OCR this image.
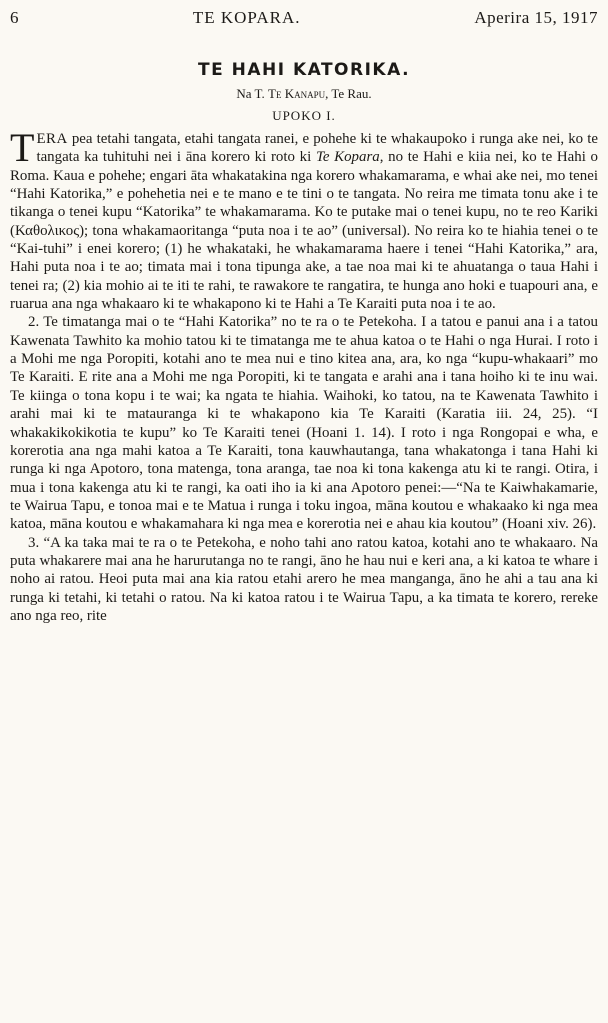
6	TE KOPARA.	Aperira 15, 1917
TE HAHI KATORIKA.
Na T. Te Kanapu, Te Rau.
UPOKO I.

TERA pea tetahi tangata, etahi tangata ranei, e pohehe ki te whakaupoko i runga ake nei, ko te tangata ka tuhituhi nei i āna korero ki roto ki Te Kopara, no te Hahi e kiia nei, ko te Hahi o Roma. Kaua e pohehe; engari āta whakatakina nga korero whakamarama, e whai ake nei, mo tenei “Hahi Katorika,” e pohehetia nei e te mano e te tini o te tangata. No reira me timata tonu ake i te tikanga o tenei kupu “Katorika” te whakamarama. Ko te putake mai o tenei kupu, no te reo Kariki (Καθολικος); tona whakamaoritanga “puta noa i te ao” (universal). No reira ko te hiahia tenei o te “Kai-tuhi” i enei korero; (1) he whakataki, he whakamarama haere i tenei “Hahi Katorika,” ara, Hahi puta noa i te ao; timata mai i tona tipunga ake, a tae noa mai ki te ahuatanga o taua Hahi i tenei ra; (2) kia mohio ai te iti te rahi, te rawakore te rangatira, te hunga ano hoki e tuapouri ana, e ruarua ana nga whakaaro ki te whakapono ki te Hahi a Te Karaiti puta noa i te ao.

2. Te timatanga mai o te “Hahi Katorika” no te ra o te Petekoha. I a tatou e panui ana i a tatou Kawenata Tawhito ka mohio tatou ki te timatanga me te ahua katoa o te Hahi o nga Hurai. I roto i a Mohi me nga Poropiti, kotahi ano te mea nui e tino kitea ana, ara, ko nga “kupu-whakaari” mo Te Karaiti. E rite ana a Mohi me nga Poropiti, ki te tangata e arahi ana i tana hoiho ki te inu wai. Te kiinga o tona kopu i te wai; ka ngata te hiahia. Waihoki, ko tatou, na te Kawenata Tawhito i arahi mai ki te matauranga ki te whakapono kia Te Karaiti (Karatia iii. 24, 25). “I whakakikokikotia te kupu” ko Te Karaiti tenei (Hoani 1. 14). I roto i nga Rongopai e wha, e korerotia ana nga mahi katoa a Te Karaiti, tona kauwhautanga, tana whakatonga i tana Hahi ki runga ki nga Apotoro, tona matenga, tona aranga, tae noa ki tona kakenga atu ki te rangi. Otira, i mua i tona kakenga atu ki te rangi, ka oati iho ia ki ana Apotoro penei:—“Na te Kaiwhakamarie, te Wairua Tapu, e tonoa mai e te Matua i runga i toku ingoa, māna koutou e whakaako ki nga mea katoa, māna koutou e whakamahara ki nga mea e korerotia nei e ahau kia koutou” (Hoani xiv. 26).

3. “A ka taka mai te ra o te Petekoha, e noho tahi ano ratou katoa, kotahi ano te whakaaro. Na puta whakarere mai ana he harurutanga no te rangi, āno he hau nui e keri ana, a ki katoa te whare i noho ai ratou. Heoi puta mai ana kia ratou etahi arero he mea manganga, āno he ahi a tau ana ki runga ki tetahi, ki tetahi o ratou. Na ki katoa ratou i te Wairua Tapu, a ka timata te korero, rereke ano nga reo, rite
